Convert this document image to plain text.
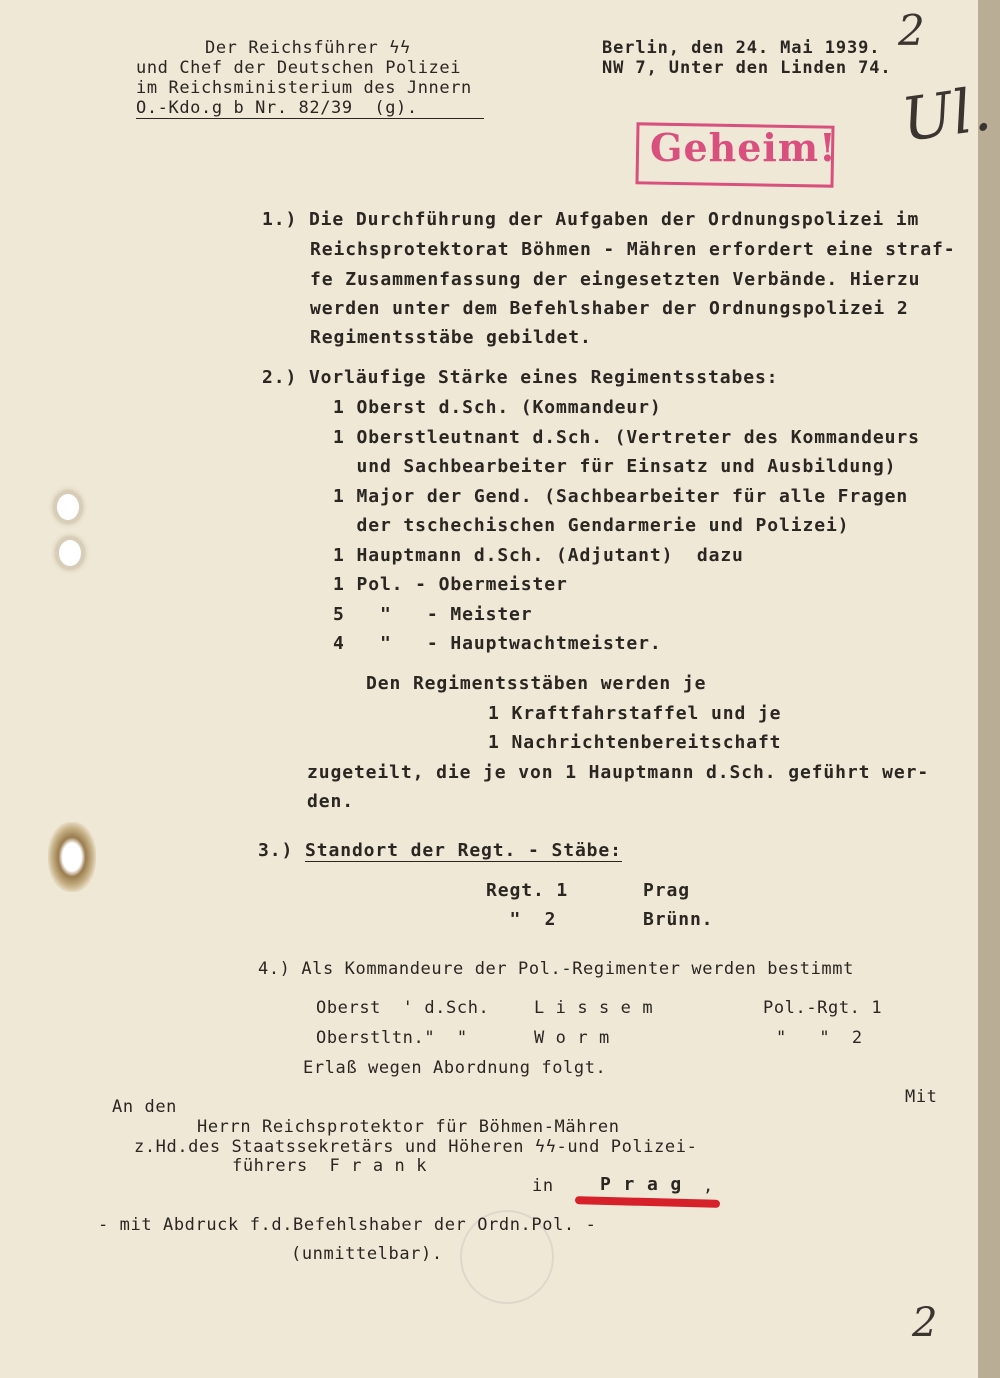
Der Reichsführer ϟϟ
und Chef der Deutschen Polizei
im Reichsministerium des Jnnern
O.-Kdo.g b Nr. 82/39  (g).
Berlin, den 24. Mai 1939.
NW 7, Unter den Linden 74.
2
Ul.
2
Geheim!
1.) Die Durchführung der Aufgaben der Ordnungspolizei im
Reichsprotektorat Böhmen - Mähren erfordert eine straf-
fe Zusammenfassung der eingesetzten Verbände. Hierzu
werden unter dem Befehlshaber der Ordnungspolizei 2
Regimentsstäbe gebildet.
2.) Vorläufige Stärke eines Regimentsstabes:
1 Oberst d.Sch. (Kommandeur)
1 Oberstleutnant d.Sch. (Vertreter des Kommandeurs
und Sachbearbeiter für Einsatz und Ausbildung)
1 Major der Gend. (Sachbearbeiter für alle Fragen
der tschechischen Gendarmerie und Polizei)
1 Hauptmann d.Sch. (Adjutant)  dazu
1 Pol. - Obermeister
5   "   - Meister
4   "   - Hauptwachtmeister.
Den Regimentsstäben werden je
1 Kraftfahrstaffel und je
1 Nachrichtenbereitschaft
zugeteilt, die je von 1 Hauptmann d.Sch. geführt wer-
den.
3.) Standort der Regt. - Stäbe:
Regt. 1	Prag
"  2	Brünn.
4.) Als Kommandeure der Pol.-Regimenter werden bestimmt
Oberst  ' d.Sch.	L i s s e m	Pol.-Rgt. 1
Oberstltn."  "	W o r m	"   "  2
Erlaß wegen Abordnung folgt.
Mit
An den
Herrn Reichsprotektor für Böhmen-Mähren
z.Hd.des Staatssekretärs und Höheren ϟϟ-und Polizei-
führers  F r a n k
in	P r a g ,
- mit Abdruck f.d.Befehlshaber der Ordn.Pol. -
(unmittelbar).
